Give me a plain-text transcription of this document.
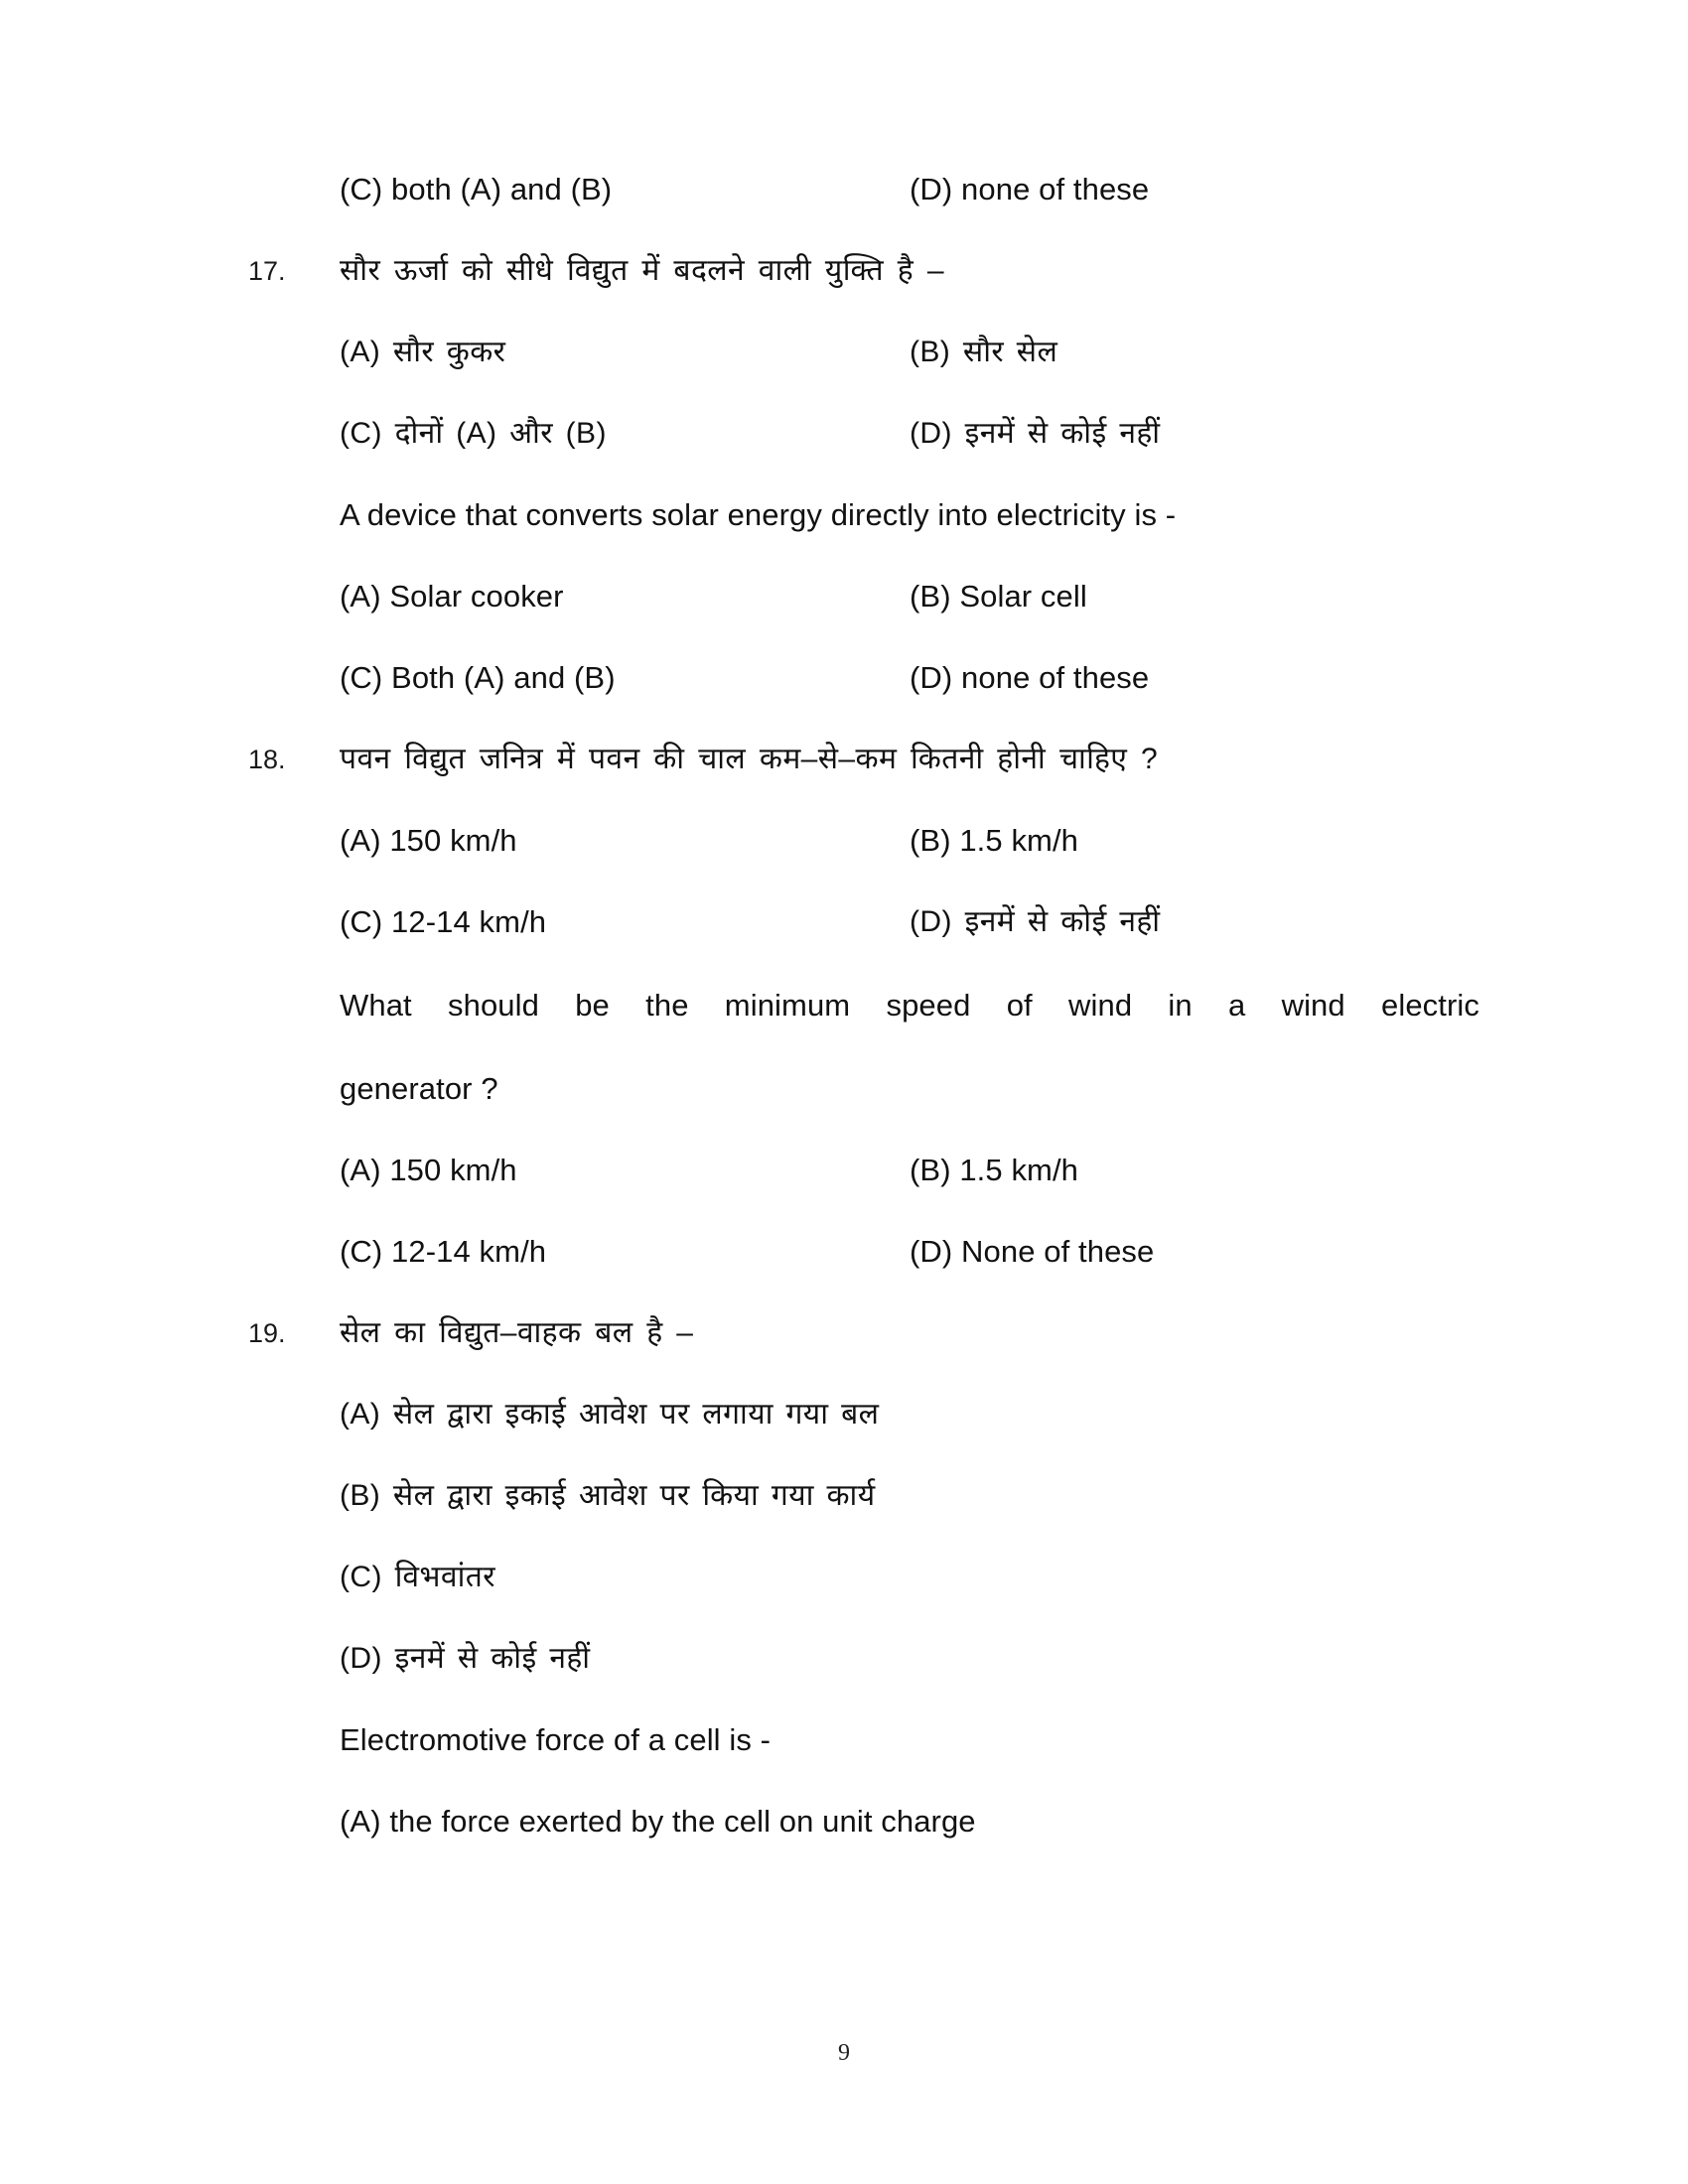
(C) both (A) and (B)	(D) none of these
17.	सौर ऊर्जा को सीधे विद्युत में बदलने वाली युक्ति है –
(A) सौर कुकर	(B) सौर सेल
(C) दोनों (A) और (B)	(D) इनमें से कोई नहीं
A device that converts solar energy directly into electricity is -
(A) Solar cooker	(B) Solar cell
(C) Both (A) and (B)	(D) none of these
18.	पवन विद्युत जनित्र में पवन की चाल कम–से–कम कितनी होनी चाहिए ?
(A) 150 km/h	(B) 1.5 km/h
(C) 12-14 km/h	(D) इनमें से कोई नहीं
What should be the minimum speed of wind in a wind electric
generator ?
(A) 150 km/h	(B) 1.5 km/h
(C) 12-14 km/h	(D) None of these
19.	सेल का विद्युत–वाहक बल है –
(A) सेल द्वारा इकाई आवेश पर लगाया गया बल
(B) सेल द्वारा इकाई आवेश पर किया गया कार्य
(C) विभवांतर
(D) इनमें से कोई नहीं
Electromotive force of a cell is -
(A) the force exerted by the cell on unit charge
9
